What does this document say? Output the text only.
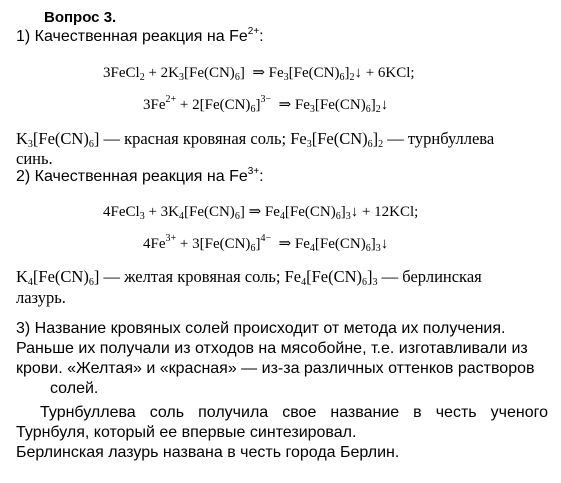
Вопрос 3.
1) Качественная реакция на $Fe^{2+}$:
3FeCl$_2$ + $2K_3[Fe(CN)_6]$ ⇒ $Fe_3[Fe(CN)_6]_2↓ + 6KCl$;
$3Fe^{2+} + 2[Fe(CN)_6]^{3-}$ ⇒ $Fe_3[Fe(CN)_6]_2↓$
$K_3[Fe(CN)_6]$ — красная кровяная соль; $Fe_3[Fe(CN)_6]_2$ — турнбуллева
синь.
2) Качественная реакция на $Fe^{3+}$:
4FeCl$_3$ + $3K_4[Fe(CN)_6]$ ⇒ $Fe_4[Fe(CN)_6]_3↓ + 12KCl$;
$4Fe^{3+} + 3[Fe(CN)_6]^{4-}$ ⇒ $Fe_4[Fe(CN)_6]_3↓$
$K_4[Fe(CN)_6]$ — желтая кровяная соль; $Fe_4[Fe(CN)_6]_3$ — берлинская
лазурь.
3) Название кровяных солей происходит от метода их получения.
Раньше их получали из отходов на мясобойне, т.е. изготавливали из
крови. «Желтая» и «красная» — из-за различных оттенков растворов
солей.
Турнбуллева соль получила свое название в честь ученого
Турнбуля, который ее впервые синтезировал.
Берлинская лазурь названа в честь города Берлин.
